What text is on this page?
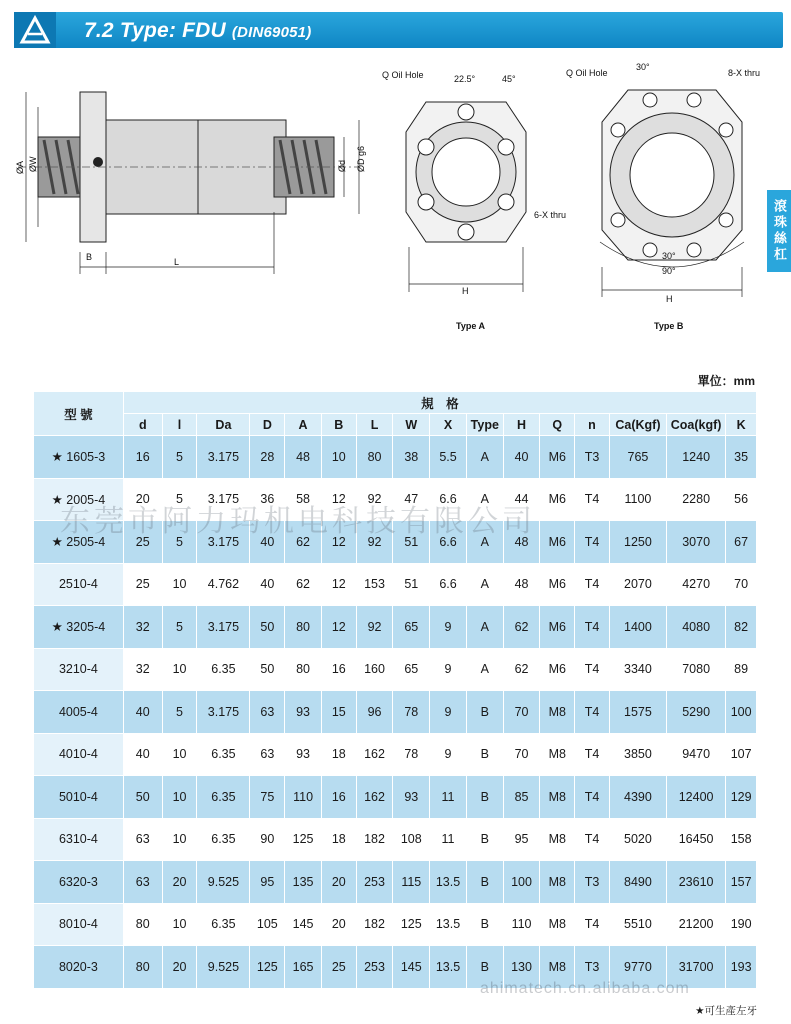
7.2 Type: FDU (DIN69051)
滾珠絲杠
ØA ØW	Ød ØD g6
B	L
Q Oil Hole	22.5°	45°
6-X thru
H
Q Oil Hole
30°
8-X thru
30°
90°
H
Type A	Type B
單位：mm
型 號	規　格															
	d	l	Da	D	A	B	L	W	X	Type	H	Q	n	Ca(Kgf)	Coa(kgf)	K
★ 1605-3	16	5	3.175	28	48	10	80	38	5.5	A	40	M6	T3	765	1240	35
★ 2005-4	20	5	3.175	36	58	12	92	47	6.6	A	44	M6	T4	1100	2280	56
★ 2505-4	25	5	3.175	40	62	12	92	51	6.6	A	48	M6	T4	1250	3070	67
2510-4	25	10	4.762	40	62	12	153	51	6.6	A	48	M6	T4	2070	4270	70
★ 3205-4	32	5	3.175	50	80	12	92	65	9	A	62	M6	T4	1400	4080	82
3210-4	32	10	6.35	50	80	16	160	65	9	A	62	M6	T4	3340	7080	89
4005-4	40	5	3.175	63	93	15	96	78	9	B	70	M8	T4	1575	5290	100
4010-4	40	10	6.35	63	93	18	162	78	9	B	70	M8	T4	3850	9470	107
5010-4	50	10	6.35	75	110	16	162	93	11	B	85	M8	T4	4390	12400	129
6310-4	63	10	6.35	90	125	18	182	108	11	B	95	M8	T4	5020	16450	158
6320-3	63	20	9.525	95	135	20	253	115	13.5	B	100	M8	T3	8490	23610	157
8010-4	80	10	6.35	105	145	20	182	125	13.5	B	110	M8	T4	5510	21200	190
8020-3	80	20	9.525	125	165	25	253	145	13.5	B	130	M8	T3	9770	31700	193
东莞市阿力玛机电科技有限公司
ahimatech.cn.alibaba.com
★可生產左牙
